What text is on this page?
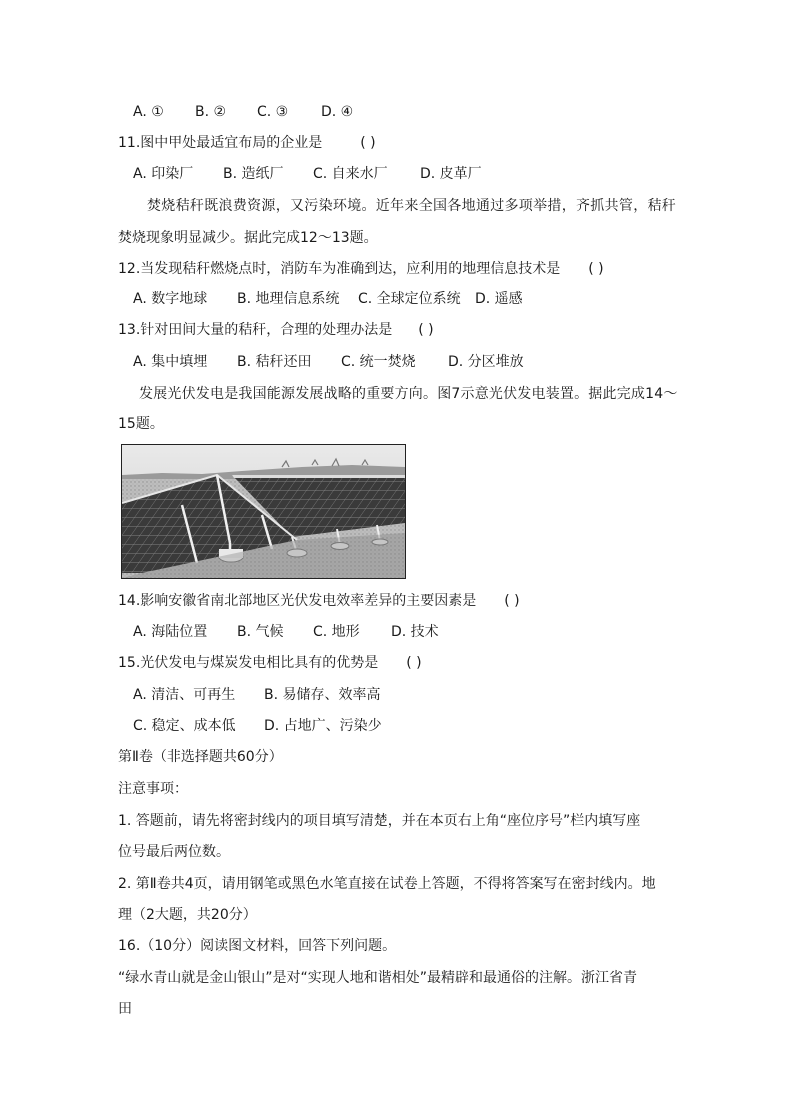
A. ① B. ② C. ③ D. ④
11.图中甲处最适宜布局的企业是	( )
A. 印染厂 B. 造纸厂 C. 自来水厂 D. 皮革厂
焚烧秸秆既浪费资源，又污染环境。近年来全国各地通过多项举措，齐抓共管，秸秆
焚烧现象明显减少。据此完成12～13题。
12.当发现秸秆燃烧点时，消防车为准确到达，应利用的地理信息技术是 ( )
A. 数字地球 B. 地理信息系统 C. 全球定位系统 D. 遥感
13.针对田间大量的秸秆，合理的处理办法是 ( )
A. 集中填埋 B. 秸秆还田 C. 统一焚烧 D. 分区堆放
发展光伏发电是我国能源发展战略的重要方向。图7示意光伏发电装置。据此完成14～
15题。
14.影响安徽省南北部地区光伏发电效率差异的主要因素是 ( )
A. 海陆位置 B. 气候 C. 地形 D. 技术
15.光伏发电与煤炭发电相比具有的优势是 ( )
A. 清洁、可再生 B. 易储存、效率高
C. 稳定、成本低 D. 占地广、污染少
第Ⅱ卷（非选择题共60分）
注意事项：
1. 答题前，请先将密封线内的项目填写清楚，并在本页右上角“座位序号”栏内填写座
位号最后两位数。
2. 第Ⅱ卷共4页，请用钢笔或黑色水笔直接在试卷上答题，不得将答案写在密封线内。地
理（2大题，共20分）
16.（10分）阅读图文材料，回答下列问题。
“绿水青山就是金山银山”是对“实现人地和谐相处”最精辟和最通俗的注解。浙江省青
田
